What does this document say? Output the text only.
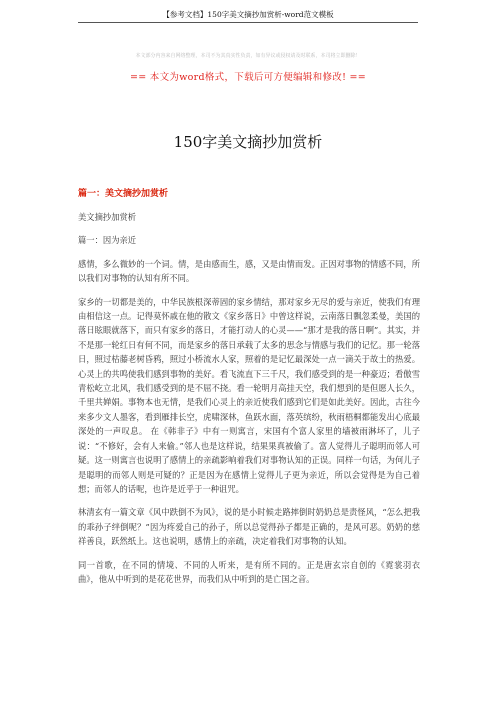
【参考文档】150字美文摘抄加赏析-word范文模板
本文部分内容来自网络整理，本司不为其真实性负责，如有异议或侵权请及时联系，本司将立即删除！
== 本文为word格式，下载后可方便编辑和修改! ==
150字美文摘抄加赏析
篇一：美文摘抄加赏析

美文摘抄加赏析

篇一：因为亲近

感情，多么微妙的一个词。情，是由感而生，感，又是由情而发。正因对事物的情感不同，所以我们对事物的认知有所不同。

家乡的一切都是美的，中华民族根深蒂固的家乡情结，那对家乡无尽的爱与亲近，使我们有理由相信这一点。记得莫怀戚在他的散文《家乡落日》中曾这样说，云南落日飘忽柔曼，美国的落日眩眼就落下，而只有家乡的落日，才能打动人的心灵——“那才是我的落日啊”。其实，并不是那一轮红日有何不同，而是家乡的落日承载了太多的思念与情感与我们的记忆。那一轮落日，照过枯藤老树昏鸦，照过小桥流水人家，照着的是记忆最深处一点一滴关于故土的热爱。 心灵上的共鸣使我们感到事物的美好。看飞流直下三千尺，我们感受到的是一种豪迈；看傲雪青松屹立北风，我们感受到的是不屈不挠。看一轮明月高挂天空，我们想到的是但愿人长久，千里共婵娟。事物本也无情，是我们心灵上的亲近使我们感到它们是如此美好。因此，古往今来多少文人墨客，看到雁排长空，虎啸深林，鱼跃水面，落英缤纷，秋雨梧桐都能发出心底最深处的一声叹息。 在《韩非子》中有一则寓言，宋国有个富人家里的墙被雨淋坏了，儿子说：“不修好，会有人来偷。”邻人也是这样说，结果果真被偷了。富人觉得儿子聪明而邻人可疑。这一则寓言也说明了感情上的亲疏影响着我们对事物认知的正误。同样一句话，为何儿子是聪明的而邻人则是可疑的？正是因为在感情上觉得儿子更为亲近，所以会觉得是为自己着想；而邻人的话呢，也许是近乎于一种诅咒。

林清玄有一篇文章《风中跌倒不为风》，说的是小时候走路摔倒时奶奶总是责怪风，“怎么把我的乖孙子绊倒呢？”因为疼爱自己的孙子，所以总觉得孙子都是正确的，是风可恶。奶奶的慈祥善良，跃然纸上。这也说明，感情上的亲疏，决定着我们对事物的认知。

同一首歌，在不同的情境、不同的人听来，是有所不同的。正是唐玄宗自创的《霓裳羽衣曲》，他从中听到的是花花世界，而我们从中听到的是亡国之音。
